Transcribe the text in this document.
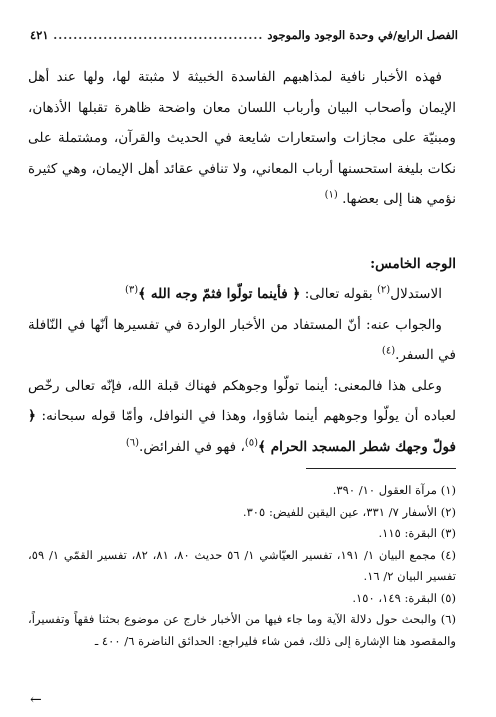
الفصل الرابع/في وحدة الوجود والموجود
.....
٤٢١

فهذه الأخبار نافية لمذاهبهم الفاسدة الخبيثة لا مثبتة لها، ولها عند أهل الإيمان وأصحاب البيان وأرباب اللسان معان واضحة ظاهرة تقبلها الأذهان، ومبنيّة على مجازات واستعارات شايعة في الحديث والقرآن، ومشتملة على نكات بليغة استحسنها أرباب المعاني، ولا تنافي عقائد أهل الإيمان، وهي كثيرة نؤمي هنا إلى بعضها. $^{(١)}$

الوجه الخامس:

الاستدلال$^{(٢)}$ بقوله تعالى: ﴿ فأينما تولّوا فثمّ وجه الله ﴾$^{(٣)}$

والجواب عنه: أنّ المستفاد من الأخبار الواردة في تفسيرها أنّها في النّافلة في السفر.$^{(٤)}$

وعلى هذا فالمعنى: أينما تولّوا وجوهكم فهناك قبلة الله، فإنّه تعالى رخّص لعباده أن يولّوا وجوههم أينما شاؤوا، وهذا في النوافل، وأمّا قوله سبحانه: ﴿ فولّ وجهك شطر المسجد الحرام ﴾$^{(٥)}$، فهو في الفرائض.$^{(٦)}$

(١) مرآة العقول ١٠/ ٣٩٠.

(٢) الأسفار ٧/ ٣٣١، عين اليقين للفيض: ٣٠٥.

(٣) البقرة: ١١٥.

(٤) مجمع البيان ١/ ١٩١، تفسير العيّاشي ١/ ٥٦ حديث ٨٠، ٨١، ٨٢، تفسير القمّي ١/ ٥٩، تفسير البيان ٢/ ١٦.

(٥) البقرة: ١٤٩، ١٥٠.

(٦) والبحث حول دلالة الآية وما جاء فيها من الأخبار خارج عن موضوع بحثنا فقهاً وتفسيراً، والمقصود هنا الإشارة إلى ذلك، فمن شاء فليراجع: الحدائق الناضرة ٦/ ٤٠٠ ـ

←
